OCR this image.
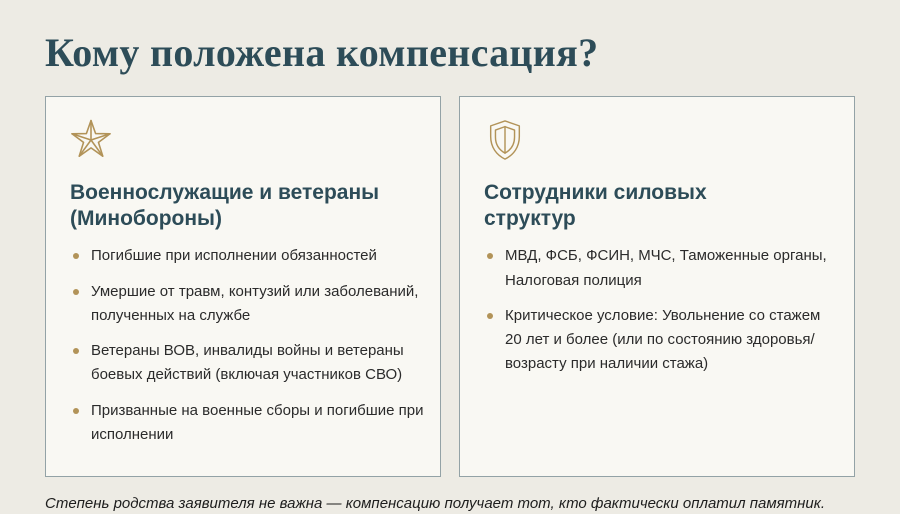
Кому положена компенсация?
Военнослужащие и ветераны (Минобороны)
Погибшие при исполнении обязанностей
Умершие от травм, контузий или заболеваний, полученных на службе
Ветераны ВОВ, инвалиды войны и ветераны боевых действий (включая участников СВО)
Призванные на военные сборы и погибшие при исполнении
Сотрудники силовых структур
МВД, ФСБ, ФСИН, МЧС, Таможенные органы, Налоговая полиция
Критическое условие: Увольнение со стажем 20 лет и более (или по состоянию здоровья/возрасту при наличии стажа)

Степень родства заявителя не важна — компенсацию получает тот, кто фактически оплатил памятник.
